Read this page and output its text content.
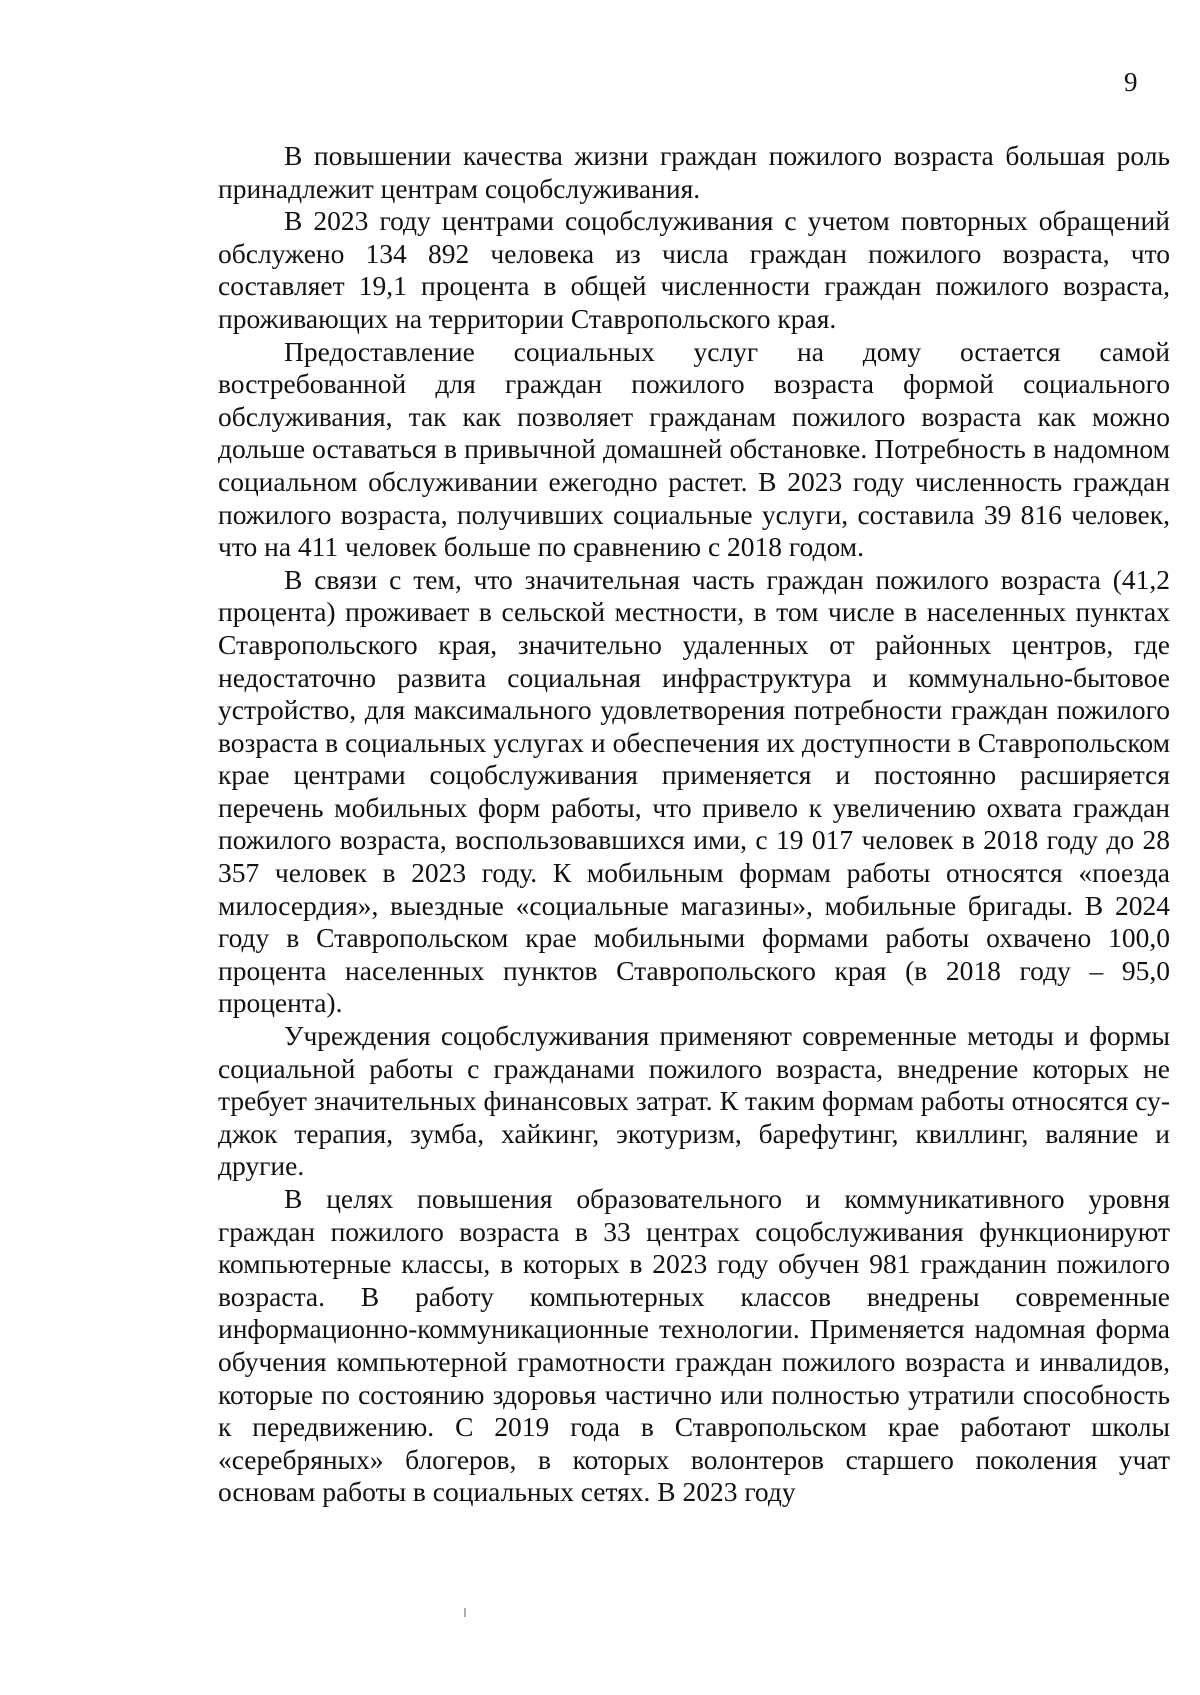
9

В повышении качества жизни граждан пожилого возраста большая роль принадлежит центрам соцобслуживания.

В 2023 году центрами соцобслуживания с учетом повторных обращений обслужено 134 892 человека из числа граждан пожилого возраста, что составляет 19,1 процента в общей численности граждан пожилого возраста, проживающих на территории Ставропольского края.

Предоставление социальных услуг на дому остается самой востребованной для граждан пожилого возраста формой социального обслуживания, так как позволяет гражданам пожилого возраста как можно дольше оставаться в привычной домашней обстановке. Потребность в надомном социальном обслуживании ежегодно растет. В 2023 году численность граждан пожилого возраста, получивших социальные услуги, составила 39 816 человек, что на 411 человек больше по сравнению с 2018 годом.

В связи с тем, что значительная часть граждан пожилого возраста (41,2 процента) проживает в сельской местности, в том числе в населенных пунктах Ставропольского края, значительно удаленных от районных центров, где недостаточно развита социальная инфраструктура и коммунально-бытовое устройство, для максимального удовлетворения потребности граждан пожилого возраста в социальных услугах и обеспечения их доступности в Ставропольском крае центрами соцобслуживания применяется и постоянно расширяется перечень мобильных форм работы, что привело к увеличению охвата граждан пожилого возраста, воспользовавшихся ими, с 19 017 человек в 2018 году до 28 357 человек в 2023 году. К мобильным формам работы относятся «поезда милосердия», выездные «социальные магазины», мобильные бригады. В 2024 году в Ставропольском крае мобильными формами работы охвачено 100,0 процента населенных пунктов Ставропольского края (в 2018 году – 95,0 процента).

Учреждения соцобслуживания применяют современные методы и формы социальной работы с гражданами пожилого возраста, внедрение которых не требует значительных финансовых затрат. К таким формам работы относятся су-джок терапия, зумба, хайкинг, экотуризм, барефутинг, квиллинг, валяние и другие.

В целях повышения образовательного и коммуникативного уровня граждан пожилого возраста в 33 центрах соцобслуживания функционируют компьютерные классы, в которых в 2023 году обучен 981 гражданин пожилого возраста. В работу компьютерных классов внедрены современные информационно-коммуникационные технологии. Применяется надомная форма обучения компьютерной грамотности граждан пожилого возраста и инвалидов, которые по состоянию здоровья частично или полностью утратили способность к передвижению. С 2019 года в Ставропольском крае работают школы «серебряных» блогеров, в которых волонтеров старшего поколения учат основам работы в социальных сетях. В 2023 году
